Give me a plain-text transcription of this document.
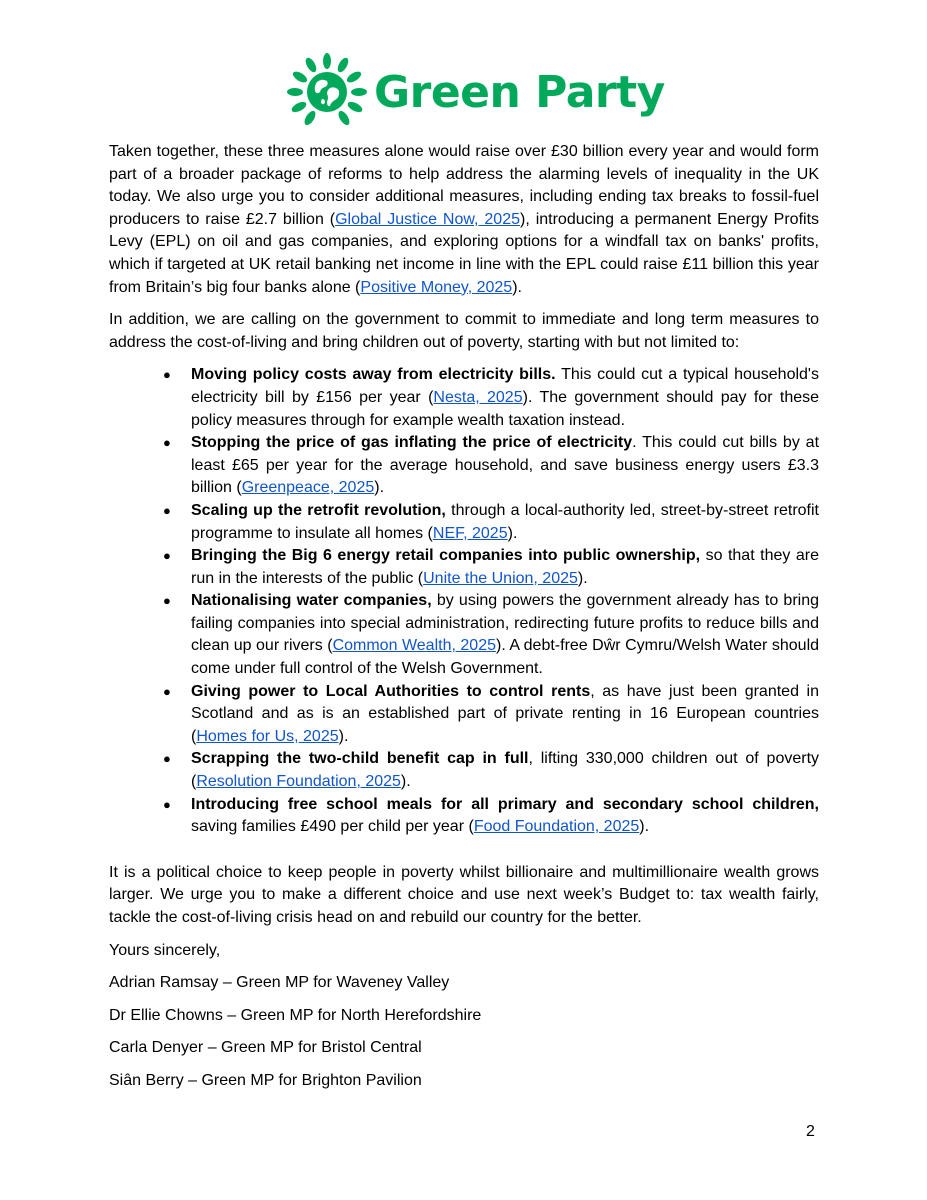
Green Party

Taken together, these three measures alone would raise over £30 billion every year and would form part of a broader package of reforms to help address the alarming levels of inequality in the UK today. We also urge you to consider additional measures, including ending tax breaks to fossil-fuel producers to raise £2.7 billion (Global Justice Now, 2025), introducing a permanent Energy Profits Levy (EPL) on oil and gas companies, and exploring options for a windfall tax on banks' profits, which if targeted at UK retail banking net income in line with the EPL could raise £11 billion this year from Britain’s big four banks alone (Positive Money, 2025).

In addition, we are calling on the government to commit to immediate and long term measures to address the cost-of-living and bring children out of poverty, starting with but not limited to:

● Moving policy costs away from electricity bills. This could cut a typical household's electricity bill by £156 per year (Nesta, 2025). The government should pay for these policy measures through for example wealth taxation instead.
● Stopping the price of gas inflating the price of electricity. This could cut bills by at least £65 per year for the average household, and save business energy users £3.3 billion (Greenpeace, 2025).
● Scaling up the retrofit revolution, through a local-authority led, street-by-street retrofit programme to insulate all homes (NEF, 2025).
● Bringing the Big 6 energy retail companies into public ownership, so that they are run in the interests of the public (Unite the Union, 2025).
● Nationalising water companies, by using powers the government already has to bring failing companies into special administration, redirecting future profits to reduce bills and clean up our rivers (Common Wealth, 2025). A debt-free Dŵr Cymru/Welsh Water should come under full control of the Welsh Government.
● Giving power to Local Authorities to control rents, as have just been granted in Scotland and as is an established part of private renting in 16 European countries (Homes for Us, 2025).
● Scrapping the two-child benefit cap in full, lifting 330,000 children out of poverty (Resolution Foundation, 2025).
● Introducing free school meals for all primary and secondary school children, saving families £490 per child per year (Food Foundation, 2025).

It is a political choice to keep people in poverty whilst billionaire and multimillionaire wealth grows larger. We urge you to make a different choice and use next week’s Budget to: tax wealth fairly, tackle the cost-of-living crisis head on and rebuild our country for the better.

Yours sincerely,

Adrian Ramsay – Green MP for Waveney Valley

Dr Ellie Chowns – Green MP for North Herefordshire

Carla Denyer – Green MP for Bristol Central

Siân Berry – Green MP for Brighton Pavilion

2
